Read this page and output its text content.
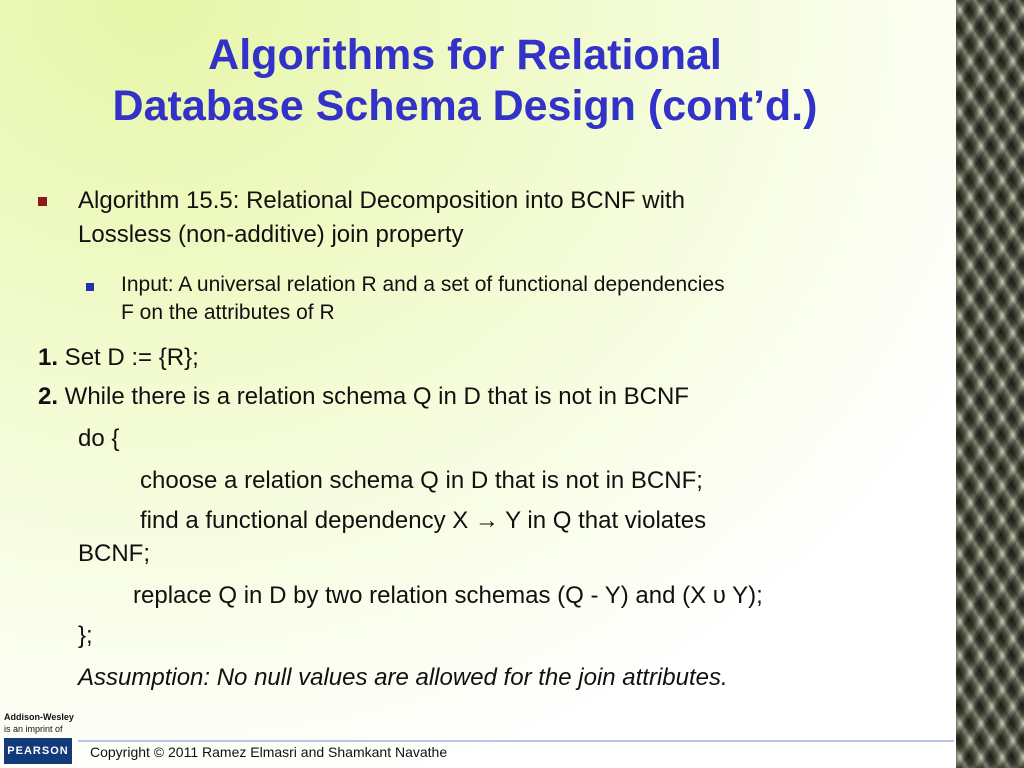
Algorithms for Relational
Database Schema Design (cont’d.)
Algorithm 15.5: Relational Decomposition into BCNF with
Lossless (non-additive) join property
Input: A universal relation R and a set of functional dependencies
F on the attributes of R
1. Set D := {R};
2. While there is a relation schema Q in D that is not in BCNF
do {
choose a relation schema Q in D that is not in BCNF;
find a functional dependency X → Y in Q that violates
BCNF;
replace Q in D by two relation schemas (Q - Y) and (X ᴜ Y);
};
Assumption: No null values are allowed for the join attributes.
Addison-Wesley
is an imprint of
PEARSON Copyright © 2011 Ramez Elmasri and Shamkant Navathe
